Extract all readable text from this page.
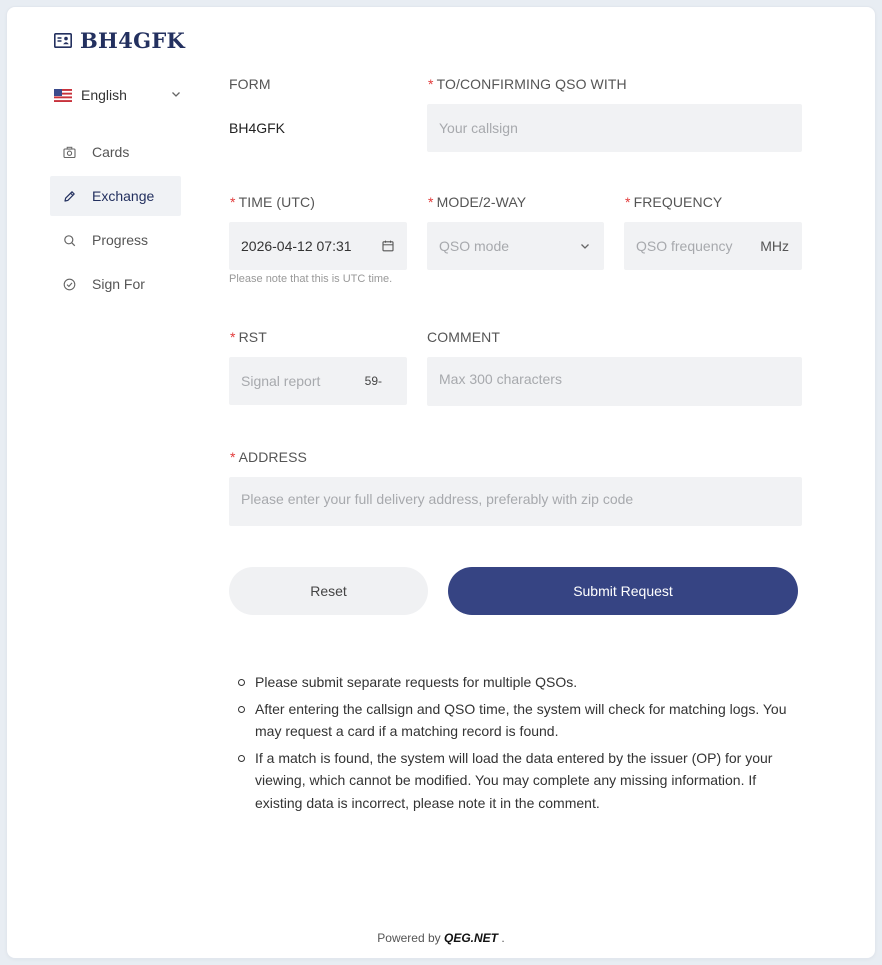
BH4GFK
English
Cards
Exchange
Progress
Sign For
FORM
BH4GFK
* TO/CONFIRMING QSO WITH
Your callsign
* TIME (UTC)
2026-04-12 07:31
Please note that this is UTC time.
* MODE/2-WAY
QSO mode
* FREQUENCY
QSO frequency MHz
* RST
Signal report	59-
COMMENT
Max 300 characters
* ADDRESS
Please enter your full delivery address, preferably with zip code
Reset	Submit Request
Please submit separate requests for multiple QSOs.
After entering the callsign and QSO time, the system will check for matching logs. You may request a card if a matching record is found.
If a match is found, the system will load the data entered by the issuer (OP) for your viewing, which cannot be modified. You may complete any missing information. If existing data is incorrect, please note it in the comment.
Powered by QEG.NET .
